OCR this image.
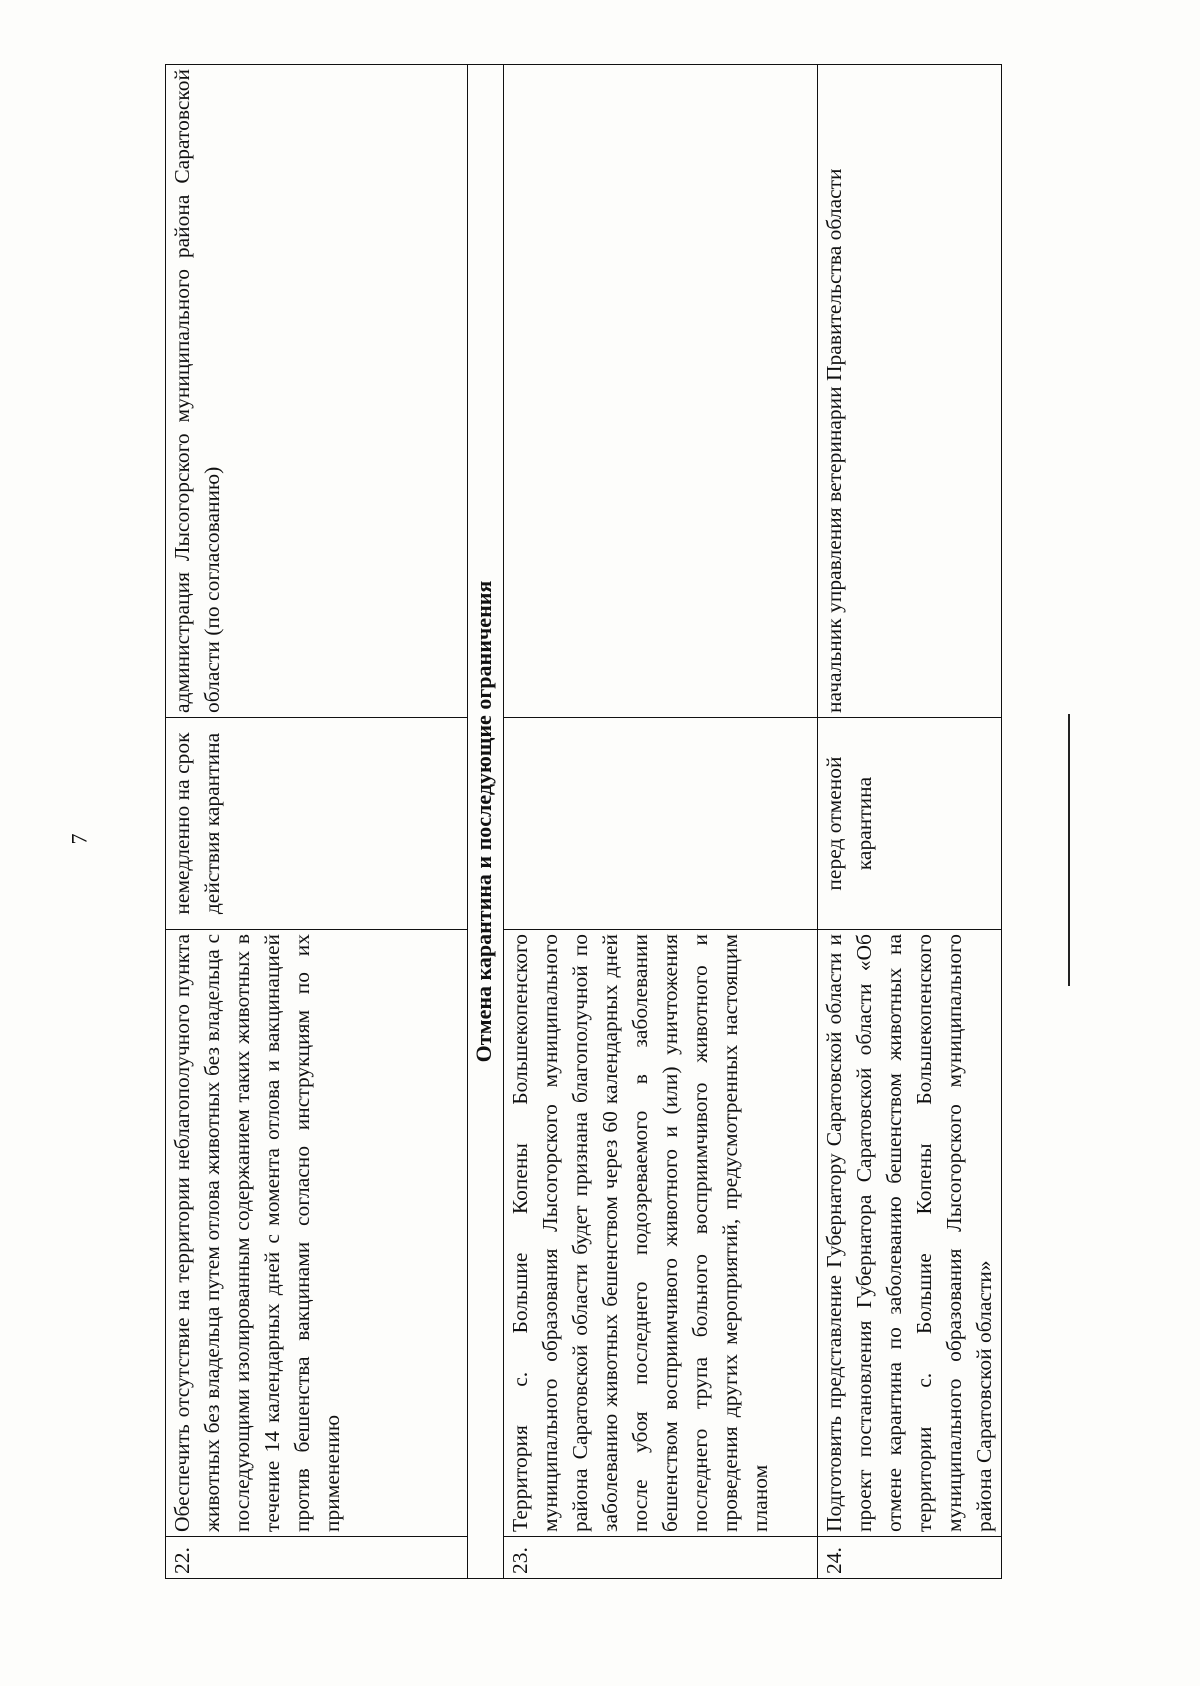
7
22.	Обеспечить отсутствие на территории неблагополучного пункта животных без владельца путем отлова животных без владельца с последующими изолированным содержанием таких животных в течение 14 календарных дней с момента отлова и вакцинацией против бешенства вакцинами согласно инструкциям по их применению	немедленно на срок действия карантина	администрация Лысогорского муниципального района Саратовской области (по согласованию)
Отмена карантина и последующие ограничения			
23.	Территория с. Большие Копены Большекопенского муниципального образования Лысогорского муниципального района Саратовской области будет признана благополучной по заболеванию животных бешенством через 60 календарных дней после убоя последнего подозреваемого в заболевании бешенством восприимчивого животного и (или) уничтожения последнего трупа больного восприимчивого животного и проведения других мероприятий, предусмотренных настоящим планом		
24.	Подготовить представление Губернатору Саратовской области и проект постановления Губернатора Саратовской области «Об отмене карантина по заболеванию бешенством животных на территории с. Большие Копены Большекопенского муниципального образования Лысогорского муниципального района Саратовской области»	перед отменой карантина	начальник управления ветеринарии Правительства области
